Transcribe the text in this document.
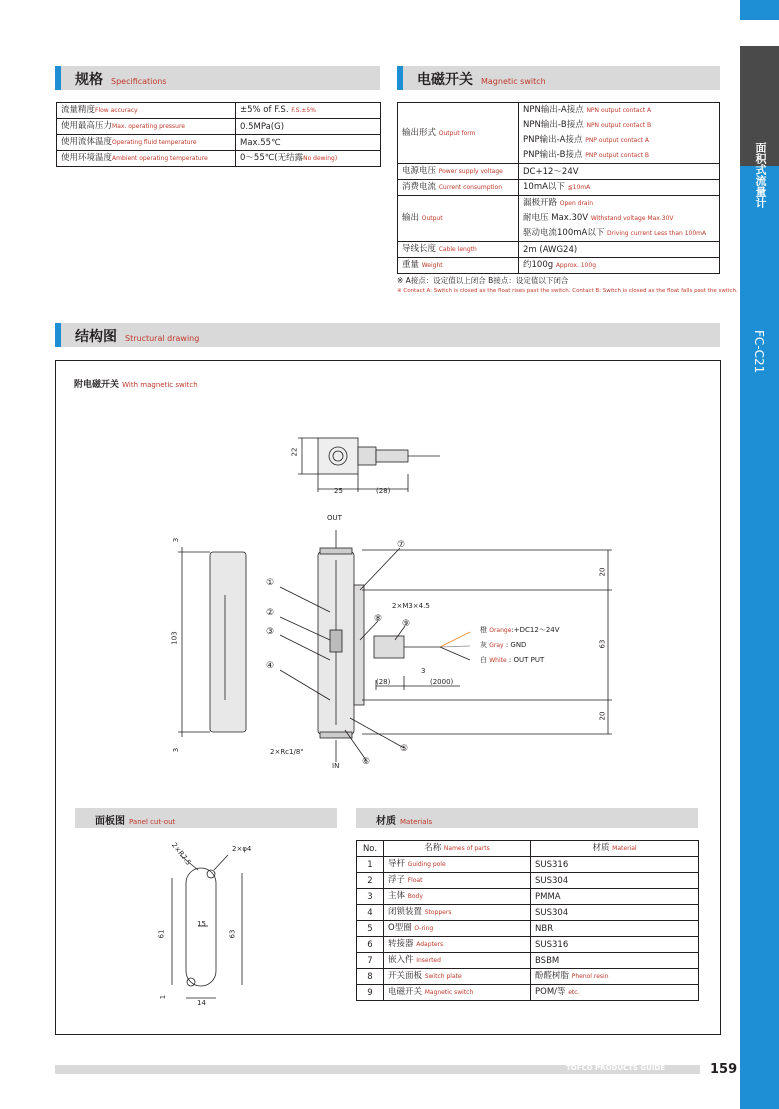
面积式流量计
FC-C21
规格 Specifications
流量精度Flow accuracy	±5% of F.S. F.S.±5%
使用最高压力Max. operating pressure	0.5MPa(G)
使用流体温度Operating fluid temperature	Max.55℃
使用环境温度Ambient operating temperature	0〜55℃(无结露No dewing)
电磁开关 Magnetic switch
输出形式 Output form	NPN输出-A接点 NPN output contact A
	NPN输出-B接点 NPN output contact B
	PNP输出-A接点 PNP output contact A
	PNP输出-B接点 PNP output contact B
电源电压 Power supply voltage	DC+12〜24V
消费电流 Current consumption	10mA以下 ≦10mA
输出 Output	漏极开路 Open drain
	耐电压 Max.30V Withstand voltage Max.30V
	驱动电流100mA以下 Driving current Less than 100mA
导线长度 Cable length	2m (AWG24)
重量 Weight	约100g Approx. 100g
※ A接点：设定值以上闭合 B接点：设定值以下闭合
※ Contact A: Switch is closed as the float rises past the switch. Contact B: Switch is closed as the float falls past the switch.
结构图 Structural drawing
附电磁开关 With magnetic switch
22
25	(28)
OUT
IN
3
103
3
20
63
20
2×M3×4.5
2×Rc1/8"
3
(28)	(2000)
①
②
③
④
⑤
⑥
⑦
⑧ ⑨
橙 Orange:+DC12〜24V
灰 Gray : GND
白 White : OUT PUT
面板图 Panel cut-out
2×R7.5	2×φ4
15
61	63
1
14
材质 Materials
No.	名称 Names of parts	材质 Material
1	导杆 Guiding pole	SUS316
2	浮子 Float	SUS304
3	主体 Body	PMMA
4	闭锁装置 Stoppers	SUS304
5	O型圈 O-ring	NBR
6	转接器 Adapters	SUS316
7	嵌入件 Inserted	BSBM
8	开关面板 Switch plate	酚醛树脂 Phenol resin
9	电磁开关 Magnetic switch	POM/等 etc.
TOFCO PRODUCTS GUIDE	159
